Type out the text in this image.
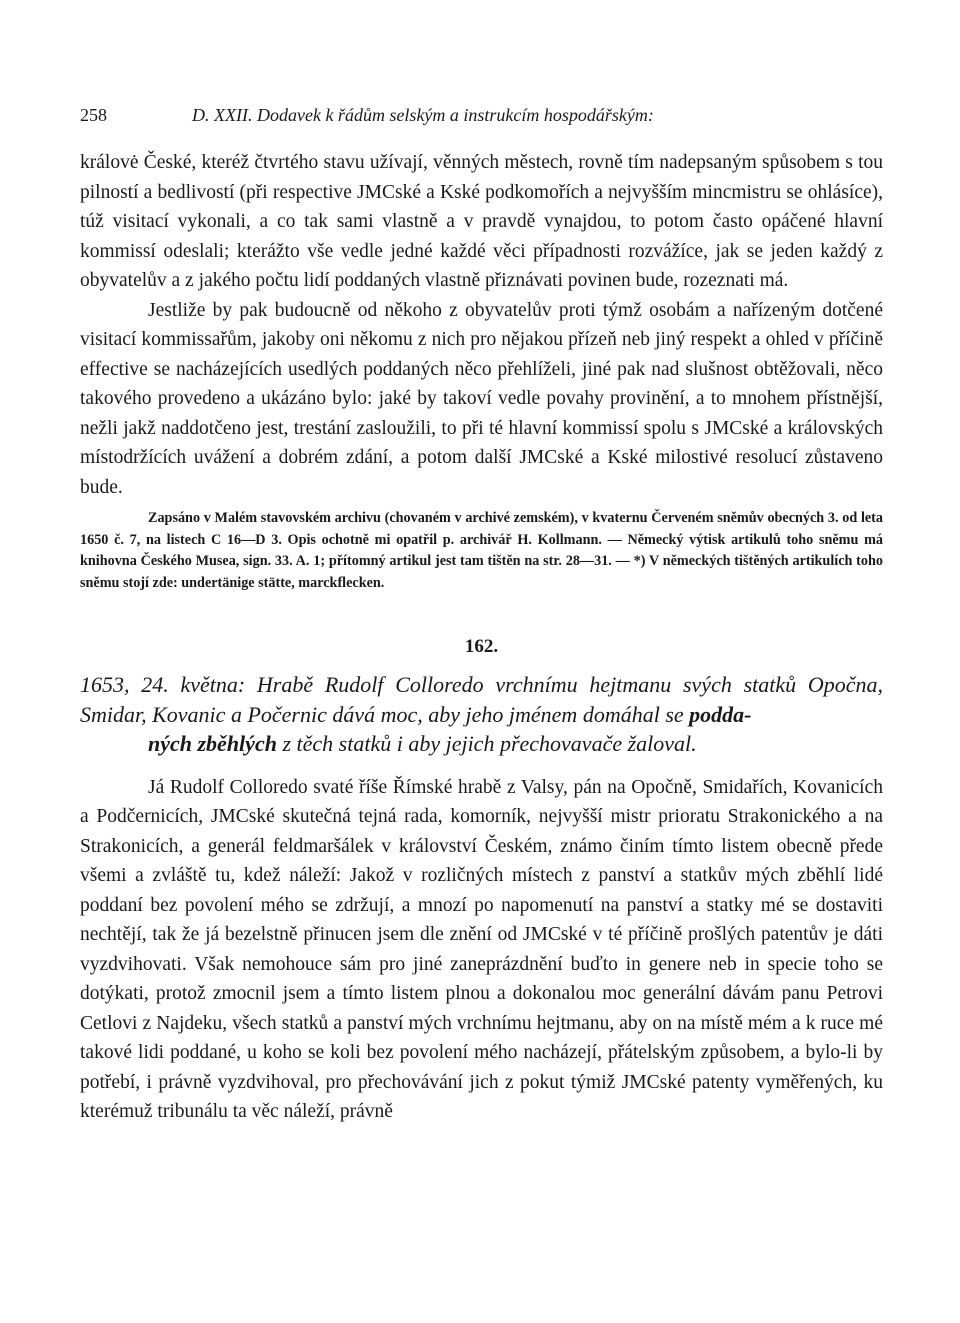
258	D. XXII. Dodavek k řádům selským a instrukcím hospodářským:

královė České, kteréž čtvrtého stavu užívají, věnných městech, rovně tím nadepsaným spůsobem s tou pilností a bedlivostí (při respective JMCské a Kské podkomořích a nejvyšším mincmistru se ohlásíce), túž visitací vykonali, a co tak sami vlastně a v pravdě vynajdou, to potom často opáčené hlavní kommissí odeslali; kterážto vše vedle jedné každé věci případnosti rozvážíce, jak se jeden každý z obyvatelův a z jakého počtu lidí poddaných vlastně přiznávati povinen bude, rozeznati má.

Jestliže by pak budoucně od někoho z obyvatelův proti týmž osobám a nařízeným dotčené visitací kommissařům, jakoby oni někomu z nich pro nějakou přízeň neb jiný respekt a ohled v příčině effective se nacházejících usedlých poddaných něco přehlíželi, jiné pak nad slušnost obtěžovali, něco takového provedeno a ukázáno bylo: jaké by takoví vedle povahy provinění, a to mnohem přístnější, nežli jakž naddotčeno jest, trestání zasloužili, to při té hlavní kommissí spolu s JMCské a královských místodržících uvážení a dobrém zdání, a potom další JMCské a Kské milostivé resolucí zůstaveno bude.

Zapsáno v Malém stavovském archivu (chovaném v archivé zemském), v kvaternu Červeném sněmův obecných 3. od leta 1650 č. 7, na listech C 16—D 3. Opis ochotně mi opatřil p. archivář H. Kollmann. — Německý výtisk artikulů toho sněmu má knihovna Českého Musea, sign. 33. A. 1; přítomný artikul jest tam tištěn na str. 28—31. — *) V německých tištěných artikulích toho sněmu stojí zde: undertänige stätte, marckflecken.

162.
1653, 24. května: Hrabě Rudolf Colloredo vrchnímu hejtmanu svých statků Opočna, Smidar, Kovanic a Počernic dává moc, aby jeho jménem domáhal se podda-
ných zběhlých z těch statků i aby jejich přechovavače žaloval.

Já Rudolf Colloredo svaté říše Římské hrabě z Valsy, pán na Opočně, Smidařích, Kovanicích a Podčernicích, JMCské skutečná tejná rada, komorník, nejvyšší mistr prioratu Strakonického a na Strakonicích, a generál feldmaršálek v království Českém, známo činím tímto listem obecně přede všemi a zvláště tu, kdež náleží: Jakož v rozličných místech z panství a statkův mých zběhlí lidé poddaní bez povolení mého se zdržují, a mnozí po napomenutí na panství a statky mé se dostaviti nechtějí, tak že já bezelstně přinucen jsem dle znění od JMCské v té příčině prošlých patentův je dáti vyzdvihovati. Však nemohouce sám pro jiné zaneprázdnění buďto in genere neb in specie toho se dotýkati, protož zmocnil jsem a tímto listem plnou a dokonalou moc generální dávám panu Petrovi Cetlovi z Najdeku, všech statků a panství mých vrchnímu hejtmanu, aby on na místě mém a k ruce mé takové lidi poddané, u koho se koli bez povolení mého nacházejí, přátelským způsobem, a bylo-li by potřebí, i právně vyzdvihoval, pro přechovávání jich z pokut týmiž JMCské patenty vyměřených, ku kterémuž tribunálu ta věc náleží, právně
